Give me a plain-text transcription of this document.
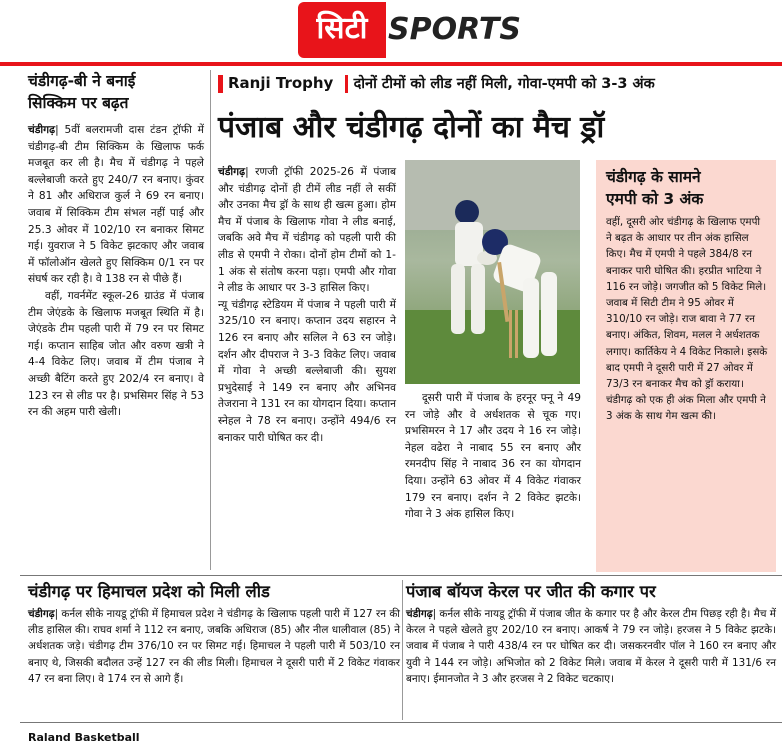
सिटी SPORTS
चंडीगढ़-बी ने बनाई
सिक्किम पर बढ़त
चंडीगढ़| 5वीं बलरामजी दास टंडन ट्रॉफी में चंडीगढ़-बी टीम सिक्किम के खिलाफ फर्क मजबूत कर ली है। मैच में चंडीगढ़ ने पहले बल्लेबाजी करते हुए 240/7 रन बनाए। कुंवर ने 81 और अधिराज कुर्ल ने 69 रन बनाए। जवाब में सिक्किम टीम संभल नहीं पाई और 25.3 ओवर में 102/10 रन बनाकर सिमट गई। युवराज ने 5 विकेट झटकाए और जवाब में फॉलोऑन खेलते हुए सिक्किम 0/1 रन पर संघर्ष कर रही है। वे 138 रन से पीछे हैं।
वहीं, गवर्नमेंट स्कूल-26 ग्राउंड में पंजाब टीम जेएंडके के खिलाफ मजबूत स्थिति में है। जेएंडके टीम पहली पारी में 79 रन पर सिमट गई। कप्तान साहिब जोत और वरुण खत्री ने 4-4 विकेट लिए। जवाब में टीम पंजाब ने अच्छी बैटिंग करते हुए 202/4 रन बनाए। वे 123 रन से लीड पर है। प्रभसिमर सिंह ने 53 रन की अहम पारी खेली।
Ranji Trophy दोनों टीमों को लीड नहीं मिली, गोवा-एमपी को 3-3 अंक
पंजाब और चंडीगढ़ दोनों का मैच ड्रॉ
चंडीगढ़| रणजी ट्रॉफी 2025-26 में पंजाब और चंडीगढ़ दोनों ही टीमें लीड नहीं ले सकीं और उनका मैच ड्रॉ के साथ ही खत्म हुआ। होम मैच में पंजाब के खिलाफ गोवा ने लीड बनाई, जबकि अवे मैच में चंडीगढ़ को पहली पारी की लीड से एमपी ने रोका। दोनों होम टीमों को 1-1 अंक से संतोष करना पड़ा। एमपी और गोवा ने लीड के आधार पर 3-3 हासिल किए।
न्यू चंडीगढ़ स्टेडियम में पंजाब ने पहली पारी में 325/10 रन बनाए। कप्तान उदय सहारन ने 126 रन बनाए और सलिल ने 63 रन जोड़े। दर्शन और दीपराज ने 3-3 विकेट लिए। जवाब में गोवा ने अच्छी बल्लेबाजी की। सुयश प्रभुदेसाई ने 149 रन बनाए और अभिनव तेजराना ने 131 रन का योगदान दिया। कप्तान स्नेहल ने 78 रन बनाए। उन्होंने 494/6 रन बनाकर पारी घोषित कर दी।
दूसरी पारी में पंजाब के हरनूर फ्नू ने 49 रन जोड़े और वे अर्धशतक से चूक गए। प्रभसिमरन ने 17 और उदय ने 16 रन जोड़े। नेहल वढेरा ने नाबाद 55 रन बनाए और रमनदीप सिंह ने नाबाद 36 रन का योगदान दिया। उन्होंने 63 ओवर में 4 विकेट गंवाकर 179 रन बनाए। दर्शन ने 2 विकेट झटके। गोवा ने 3 अंक हासिल किए।
चंडीगढ़ के सामने
एमपी को 3 अंक
वहीं, दूसरी ओर चंडीगढ़ के खिलाफ एमपी ने बढ़त के आधार पर तीन अंक हासिल किए। मैच में एमपी ने पहले 384/8 रन बनाकर पारी घोषित की। हरप्रीत भाटिया ने 116 रन जोड़े। जगजीत को 5 विकेट मिले। जवाब में सिटी टीम ने 95 ओवर में 310/10 रन जोड़े। राज बावा ने 77 रन बनाए। अंकित, शिवम, मलल ने अर्धशतक लगाए। कार्तिकेय ने 4 विकेट निकाले। इसके बाद एमपी ने दूसरी पारी में 27 ओवर में 73/3 रन बनाकर मैच को ड्रॉ कराया। चंडीगढ़ को एक ही अंक मिला और एमपी ने 3 अंक के साथ गेम खत्म की।
चंडीगढ़ पर हिमाचल प्रदेश को मिली लीड
चंडीगढ़| कर्नल सीके नायडू ट्रॉफी में हिमाचल प्रदेश ने चंडीगढ़ के खिलाफ पहली पारी में 127 रन की लीड हासिल की। राघव शर्मा ने 112 रन बनाए, जबकि अधिराज (85) और नील धालीवाल (85) ने अर्धशतक जड़े। चंडीगढ़ टीम 376/10 रन पर सिमट गई। हिमाचल ने पहली पारी में 503/10 रन बनाए थे, जिसकी बदौलत उन्हें 127 रन की लीड मिली। हिमाचल ने दूसरी पारी में 2 विकेट गंवाकर 47 रन बना लिए। वे 174 रन से आगे हैं।
पंजाब बॉयज केरल पर जीत की कगार पर
चंडीगढ़| कर्नल सीके नायडू ट्रॉफी में पंजाब जीत के कगार पर है और केरल टीम पिछड़ रही है। मैच में केरल ने पहले खेलते हुए 202/10 रन बनाए। आकर्ष ने 79 रन जोड़े। हरजस ने 5 विकेट झटके। जवाब में पंजाब ने पारी 438/4 रन पर घोषित कर दी। जसकरनवीर पॉल ने 160 रन बनाए और युवी ने 144 रन जोड़े। अभिजोत को 2 विकेट मिले। जवाब में केरल ने दूसरी पारी में 131/6 रन बनाए। ईमानजोत ने 3 और हरजस ने 2 विकेट चटकाए।
Raland Basketball
